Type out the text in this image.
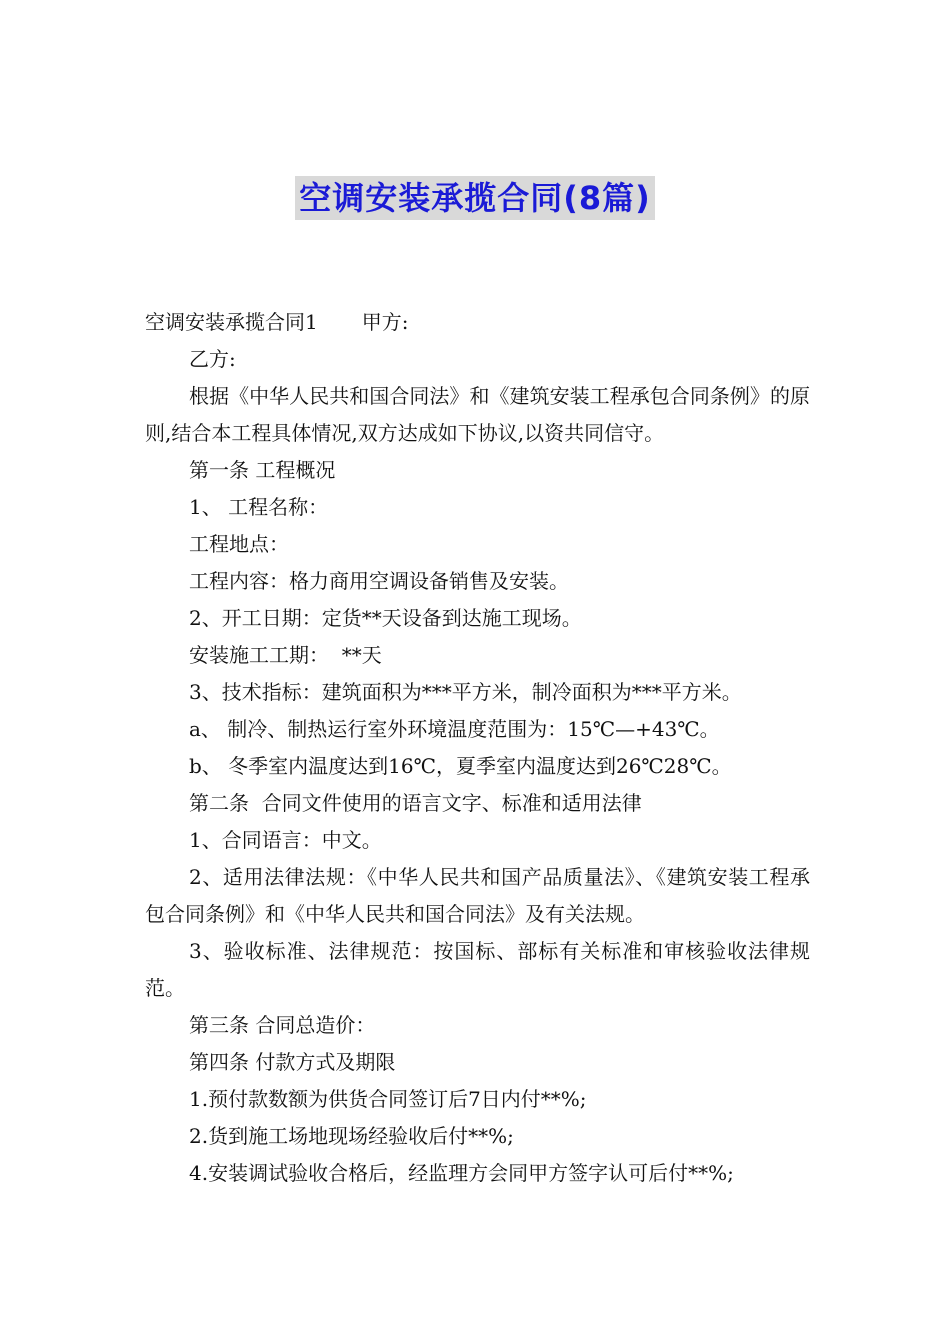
空调安装承揽合同(8篇)

空调安装承揽合同1 甲方:

乙方:

根据《中华人民共和国合同法》和《建筑安装工程承包合同条例》的原则,结合本工程具体情况,双方达成如下协议,以资共同信守。

第一条 工程概况

1、 工程名称：

工程地点：

工程内容：格力商用空调设备销售及安装。

2、开工日期：定货**天设备到达施工现场。

安装施工工期：  **天

3、技术指标：建筑面积为***平方米，制冷面积为***平方米。

a、 制冷、制热运行室外环境温度范围为：15℃—+43℃。

b、 冬季室内温度达到16℃，夏季室内温度达到26℃28℃。

第二条  合同文件使用的语言文字、标准和适用法律

1、合同语言：中文。

2、适用法律法规：《中华人民共和国产品质量法》、《建筑安装工程承包合同条例》和《中华人民共和国合同法》及有关法规。

3、验收标准、法律规范：按国标、部标有关标准和审核验收法律规范。

第三条 合同总造价：

第四条 付款方式及期限

1.预付款数额为供货合同签订后7日内付**%;

2.货到施工场地现场经验收后付**%;

4.安装调试验收合格后，经监理方会同甲方签字认可后付**%;
